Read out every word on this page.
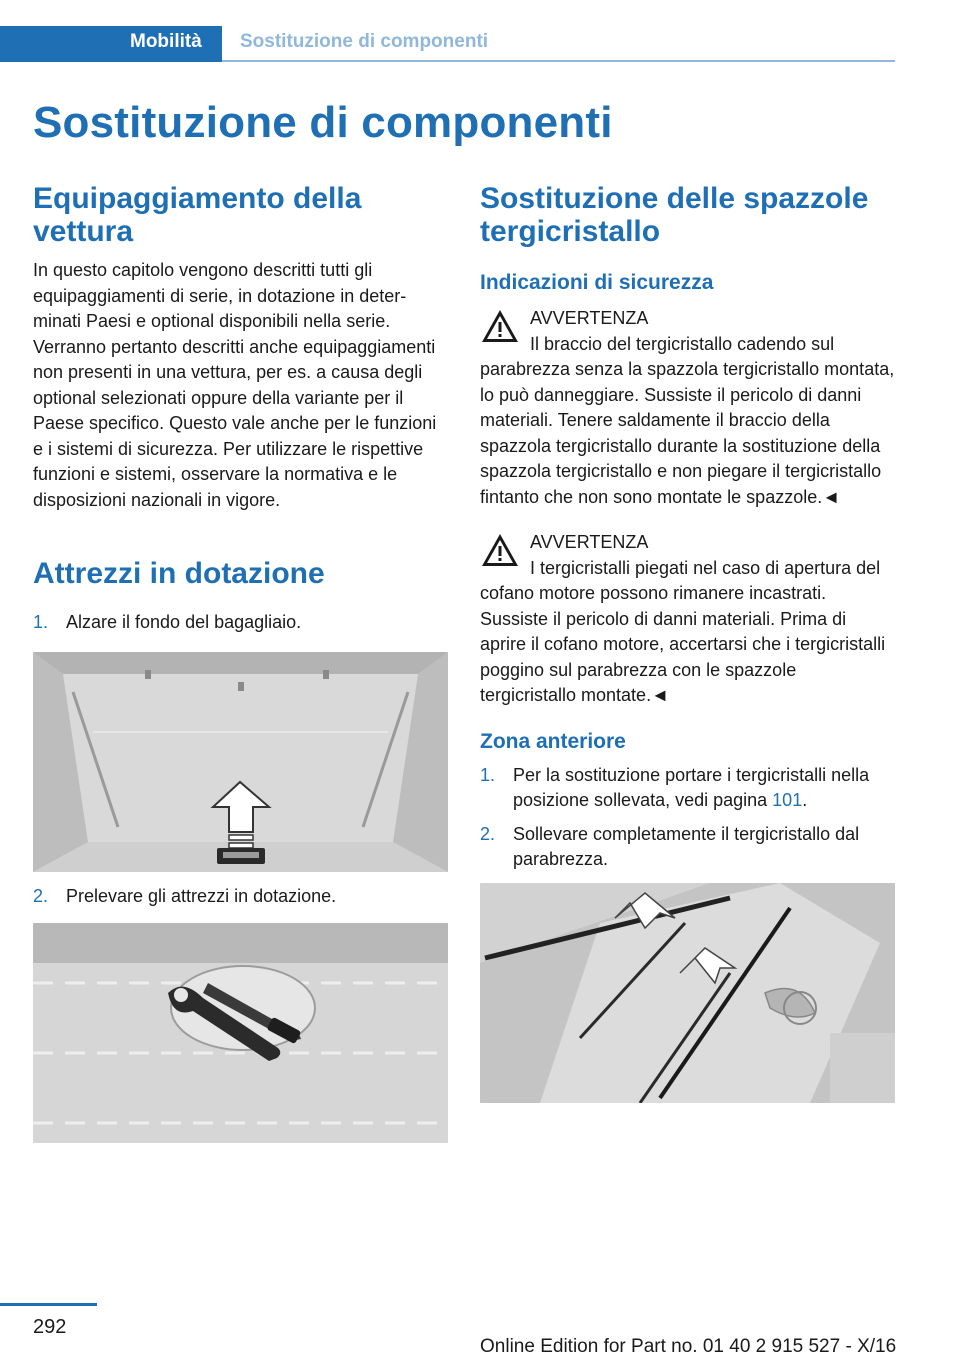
Mobilità Sostituzione di componenti
Sostituzione di componenti
Equipaggiamento della vettura

In questo capitolo vengono descritti tutti gli equipaggiamenti di serie, in dotazione in determinati Paesi e optional disponibili nella serie. Verranno pertanto descritti anche equipaggiamenti non presenti in una vettura, per es. a causa degli optional selezionati oppure della variante per il Paese specifico. Questo vale anche per le funzioni e i sistemi di sicurezza. Per utilizzare le rispettive funzioni e sistemi, osservare la normativa e le disposizioni nazionali in vigore.

Attrezzi in dotazione
1. Alzare il fondo del bagagliaio.
2. Prelevare gli attrezzi in dotazione.
Sostituzione delle spazzole tergicristallo
Indicazioni di sicurezza
AVVERTENZA

Il braccio del tergicristallo cadendo sul parabrezza senza la spazzola tergicristallo montata, lo può danneggiare. Sussiste il pericolo di danni materiali. Tenere saldamente il braccio della spazzola tergicristallo durante la sostituzione della spazzola tergicristallo e non piegare il tergicristallo fintanto che non sono montate le spazzole.◄

AVVERTENZA

I tergicristalli piegati nel caso di apertura del cofano motore possono rimanere incastrati. Sussiste il pericolo di danni materiali. Prima di aprire il cofano motore, accertarsi che i tergicristalli poggino sul parabrezza con le spazzole tergicristallo montate.◄

Zona anteriore
1. Per la sostituzione portare i tergicristalli nella posizione sollevata, vedi pagina 101.
2. Sollevare completamente il tergicristallo dal parabrezza.
292
Online Edition for Part no. 01 40 2 915 527 - X/16
